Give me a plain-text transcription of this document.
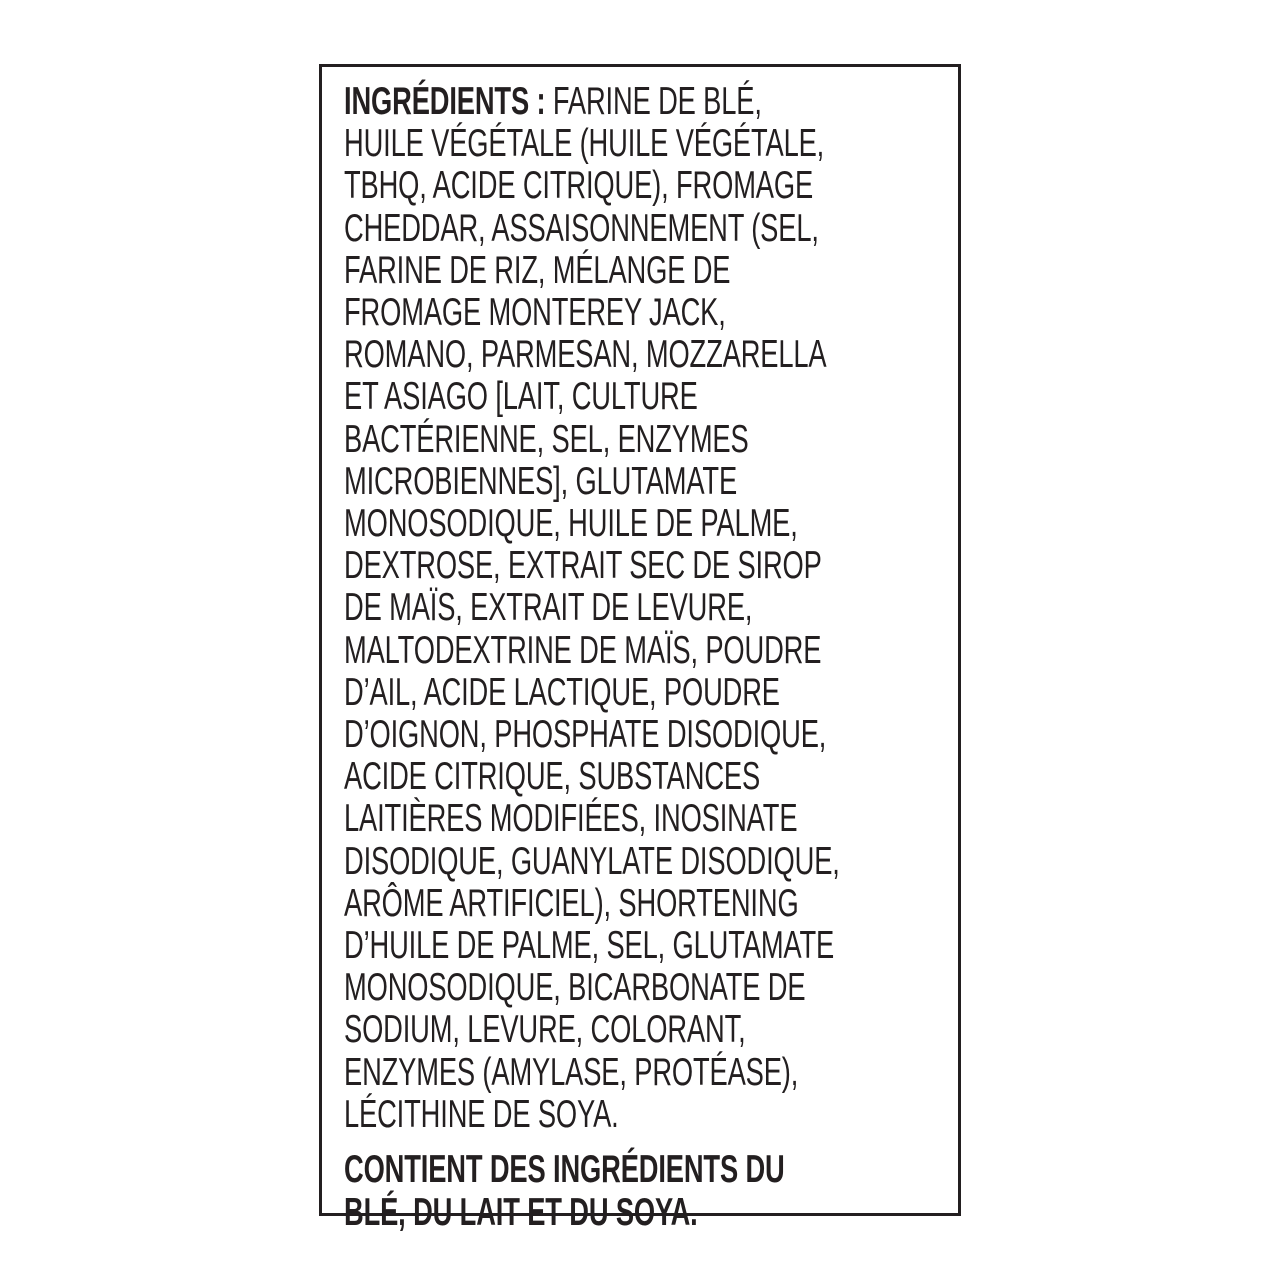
INGRÉDIENTS : FARINE DE BLÉ,
HUILE VÉGÉTALE (HUILE VÉGÉTALE,
TBHQ, ACIDE CITRIQUE), FROMAGE
CHEDDAR, ASSAISONNEMENT (SEL,
FARINE DE RIZ, MÉLANGE DE
FROMAGE MONTEREY JACK,
ROMANO, PARMESAN, MOZZARELLA
ET ASIAGO [LAIT, CULTURE
BACTÉRIENNE, SEL, ENZYMES
MICROBIENNES], GLUTAMATE
MONOSODIQUE, HUILE DE PALME,
DEXTROSE, EXTRAIT SEC DE SIROP
DE MAÏS, EXTRAIT DE LEVURE,
MALTODEXTRINE DE MAÏS, POUDRE
D’AIL, ACIDE LACTIQUE, POUDRE
D’OIGNON, PHOSPHATE DISODIQUE,
ACIDE CITRIQUE, SUBSTANCES
LAITIÈRES MODIFIÉES, INOSINATE
DISODIQUE, GUANYLATE DISODIQUE,
ARÔME ARTIFICIEL), SHORTENING
D’HUILE DE PALME, SEL, GLUTAMATE
MONOSODIQUE, BICARBONATE DE
SODIUM, LEVURE, COLORANT,
ENZYMES (AMYLASE, PROTÉASE),
LÉCITHINE DE SOYA.
CONTIENT DES INGRÉDIENTS DU
BLÉ, DU LAIT ET DU SOYA.
